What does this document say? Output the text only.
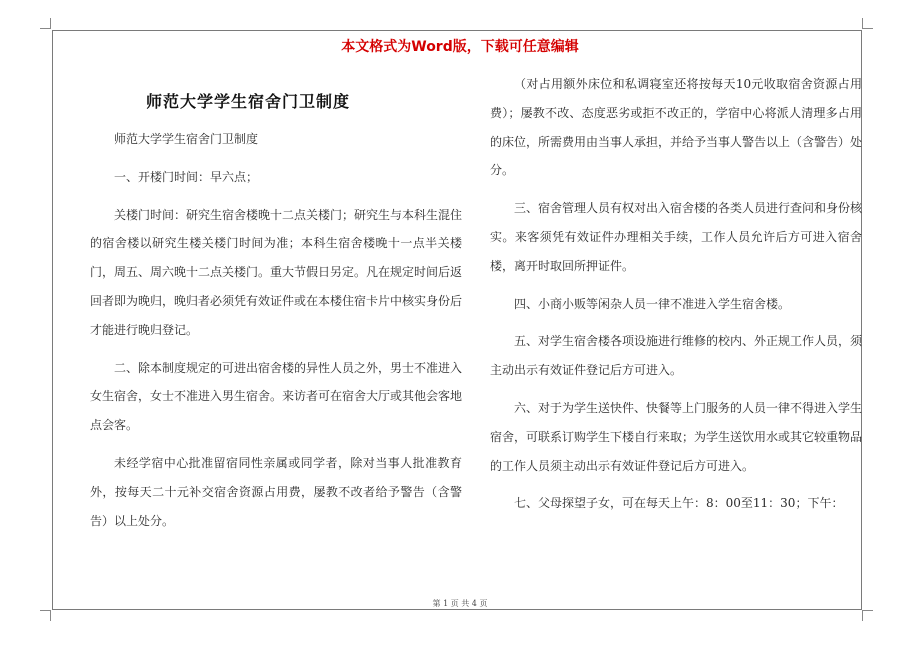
本文格式为Word版，下载可任意编辑
师范大学学生宿舍门卫制度

师范大学学生宿舍门卫制度

一、开楼门时间：早六点；

关楼门时间：研究生宿舍楼晚十二点关楼门；研究生与本科生混住的宿舍楼以研究生楼关楼门时间为准；本科生宿舍楼晚十一点半关楼门，周五、周六晚十二点关楼门。重大节假日另定。凡在规定时间后返回者即为晚归，晚归者必须凭有效证件或在本楼住宿卡片中核实身份后才能进行晚归登记。

二、除本制度规定的可进出宿舍楼的异性人员之外，男士不准进入女生宿舍，女士不准进入男生宿舍。来访者可在宿舍大厅或其他会客地点会客。

未经学宿中心批准留宿同性亲属或同学者，除对当事人批准教育外，按每天二十元补交宿舍资源占用费，屡教不改者给予警告（含警告）以上处分。

（对占用额外床位和私调寝室还将按每天10元收取宿舍资源占用费）；屡教不改、态度恶劣或拒不改正的，学宿中心将派人清理多占用的床位，所需费用由当事人承担，并给予当事人警告以上（含警告）处分。

三、宿舍管理人员有权对出入宿舍楼的各类人员进行查问和身份核实。来客须凭有效证件办理相关手续，工作人员允许后方可进入宿舍楼，离开时取回所押证件。

四、小商小贩等闲杂人员一律不准进入学生宿舍楼。

五、对学生宿舍楼各项设施进行维修的校内、外正规工作人员，须主动出示有效证件登记后方可进入。

六、对于为学生送快件、快餐等上门服务的人员一律不得进入学生宿舍，可联系订购学生下楼自行来取；为学生送饮用水或其它较重物品的工作人员须主动出示有效证件登记后方可进入。

七、父母探望子女，可在每天上午：8：00至11：30；下午：

第 1 页 共 4 页
